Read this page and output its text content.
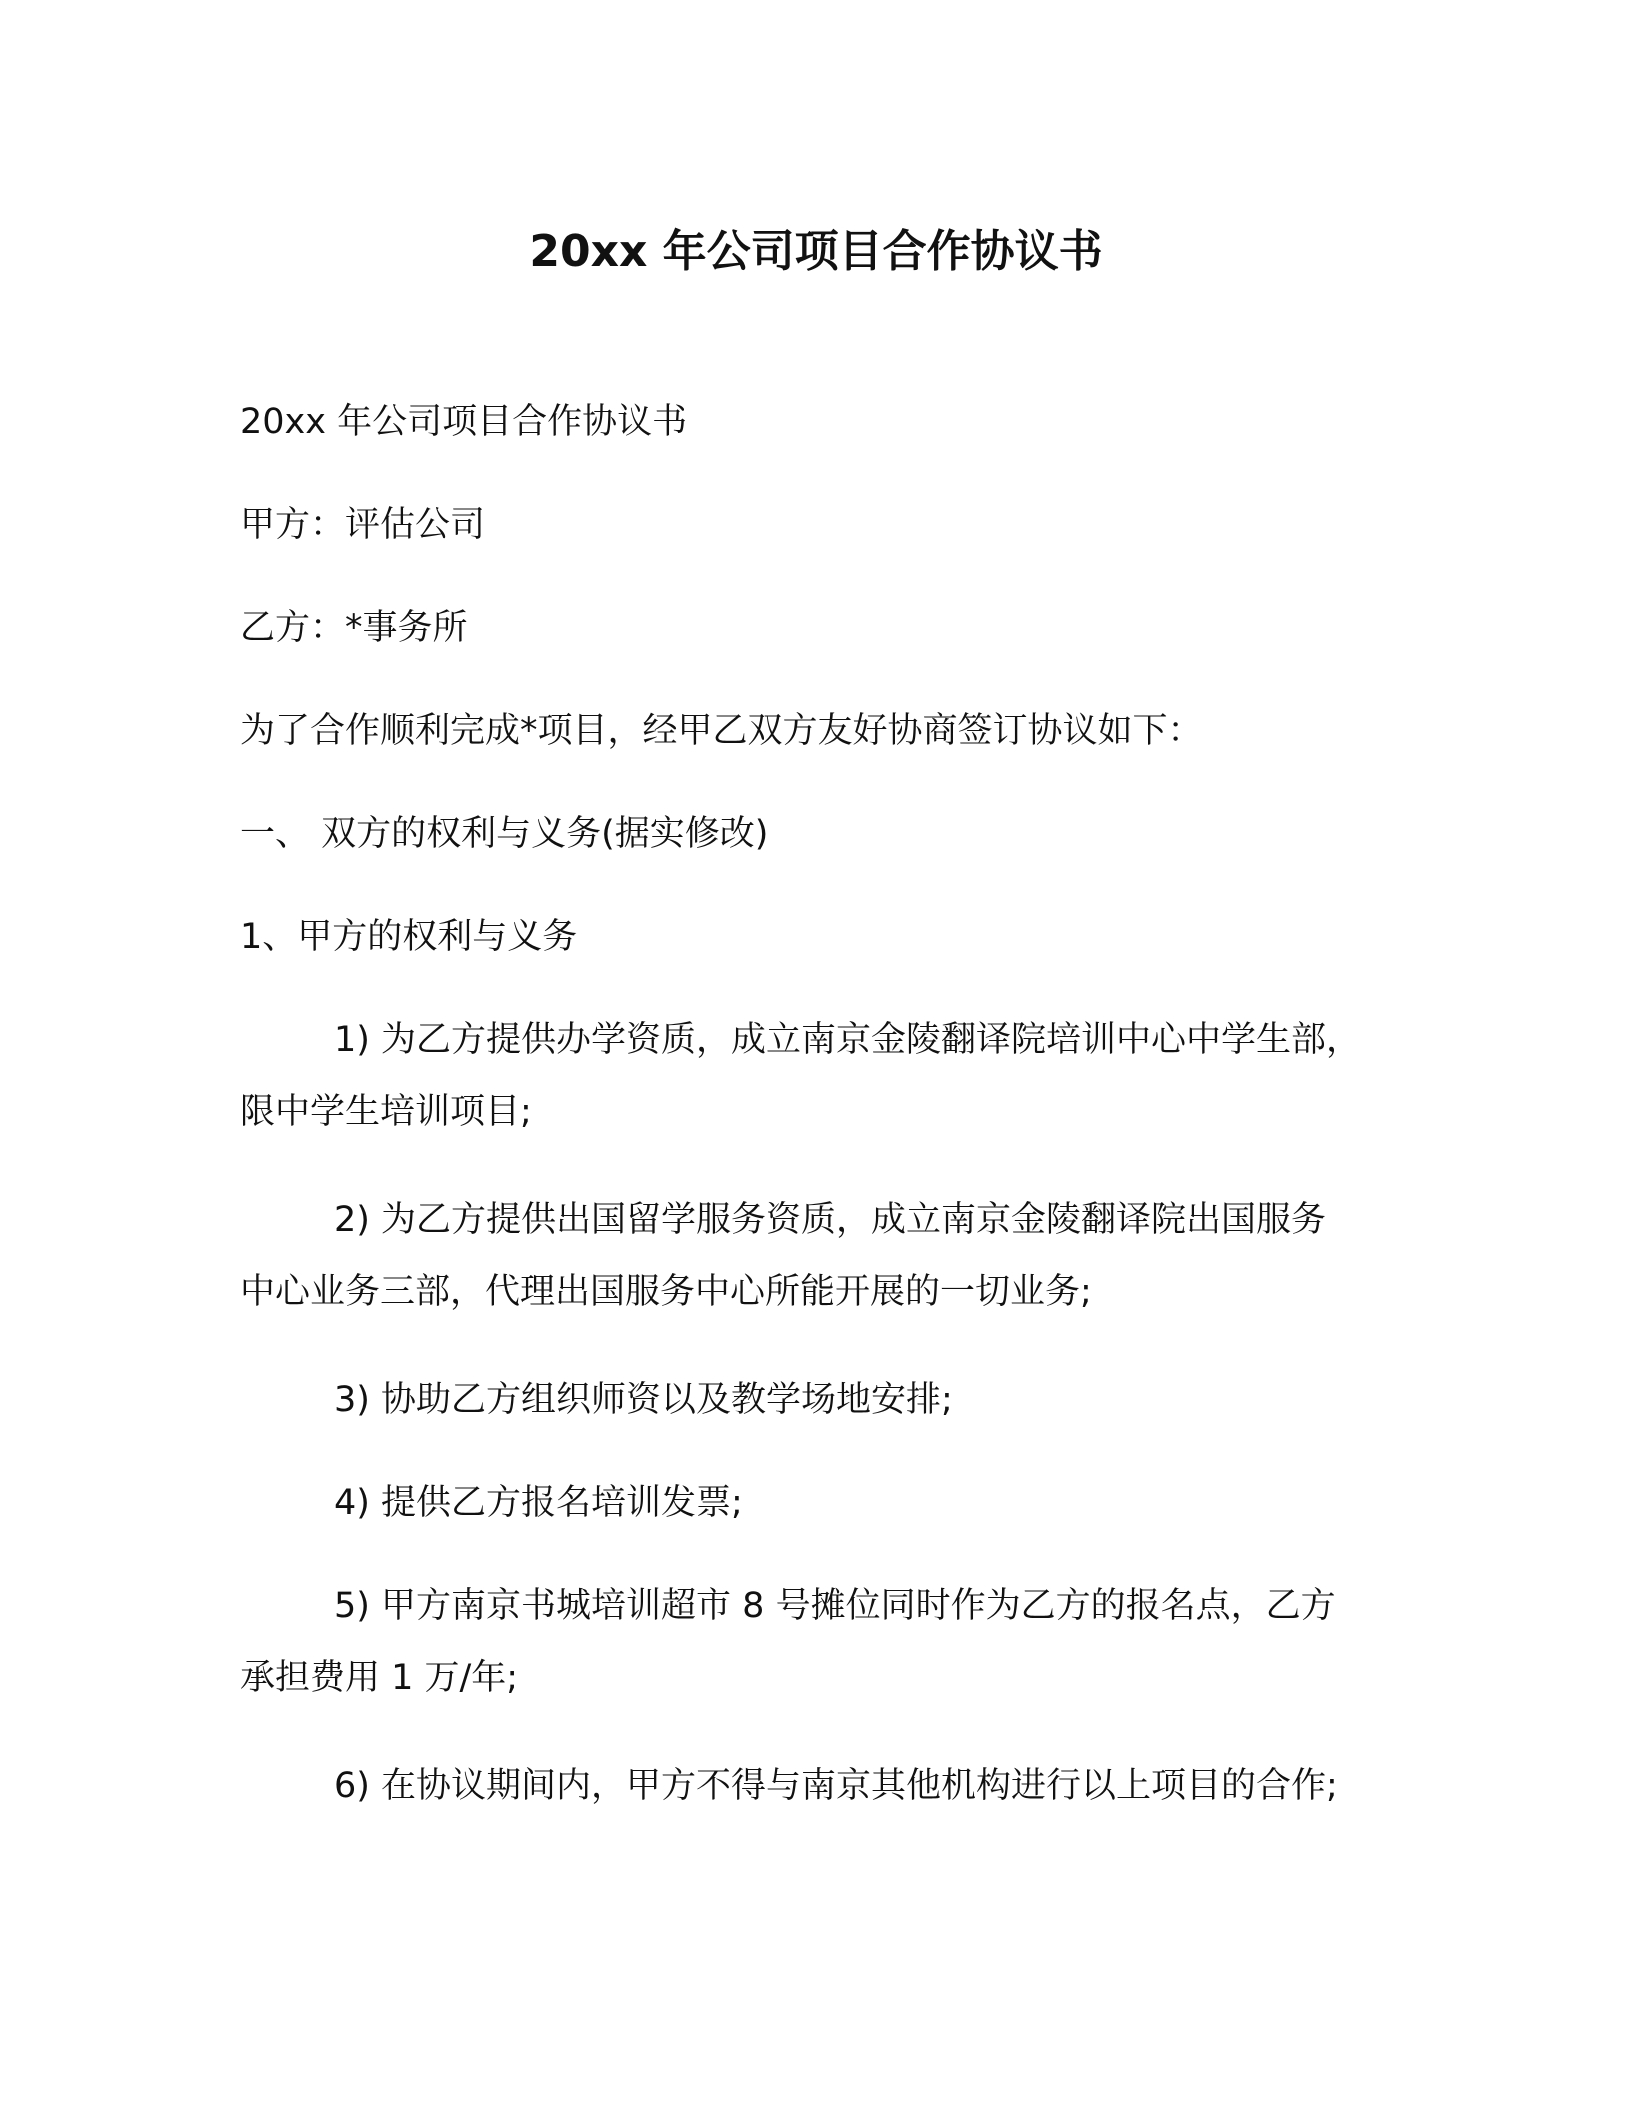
20xx 年公司项目合作协议书
20xx 年公司项目合作协议书
甲方：评估公司
乙方：*事务所
为了合作顺利完成*项目，经甲乙双方友好协商签订协议如下：
一、 双方的权利与义务(据实修改)
1、甲方的权利与义务
1) 为乙方提供办学资质，成立南京金陵翻译院培训中心中学生部，
限中学生培训项目;
2) 为乙方提供出国留学服务资质，成立南京金陵翻译院出国服务
中心业务三部，代理出国服务中心所能开展的一切业务;
3) 协助乙方组织师资以及教学场地安排;
4) 提供乙方报名培训发票;
5) 甲方南京书城培训超市 8 号摊位同时作为乙方的报名点，乙方
承担费用 1 万/年;
6) 在协议期间内，甲方不得与南京其他机构进行以上项目的合作;
